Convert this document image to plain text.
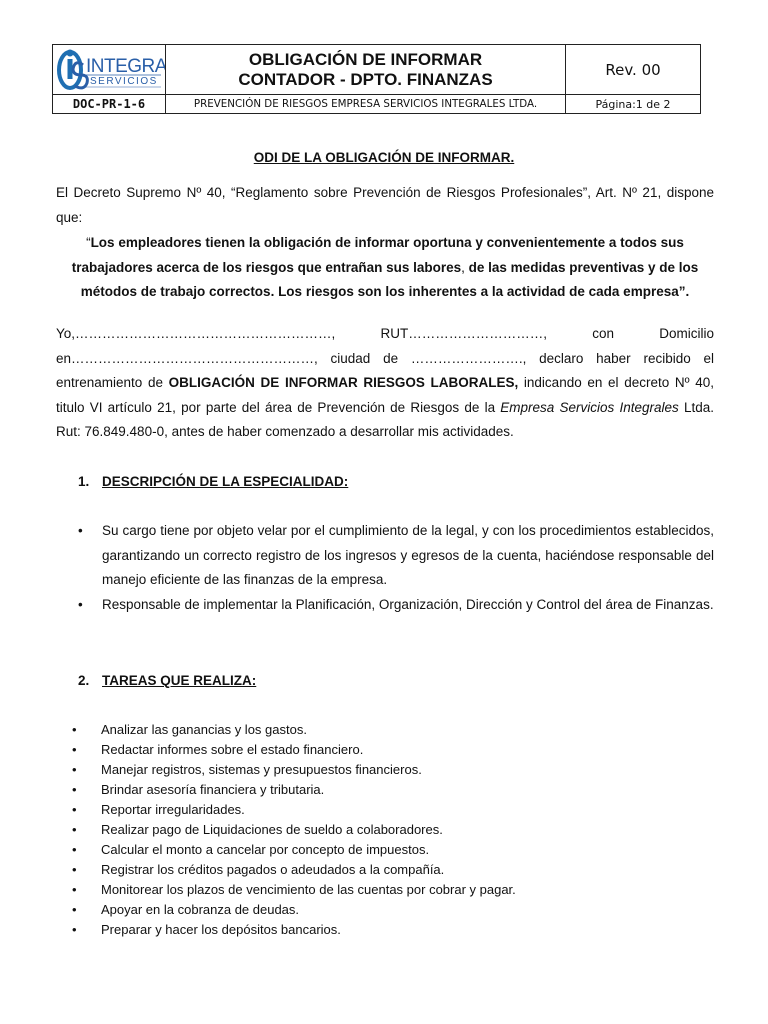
INTEGRA
SERVICIOS
OBLIGACIÓN DE INFORMAR
CONTADOR - DPTO. FINANZAS	Rev. 00
DOC-PR-1-6	PREVENCIÓN DE RIESGOS EMPRESA SERVICIOS INTEGRALES LTDA.	Página:1 de 2
ODI DE LA OBLIGACIÓN DE INFORMAR.
El Decreto Supremo Nº 40, “Reglamento sobre Prevención de Riesgos Profesionales”, Art. Nº 21, dispone que:
“Los empleadores tienen la obligación de informar oportuna y convenientemente a todos sus trabajadores acerca de los riesgos que entrañan sus labores, de las medidas preventivas y de los métodos de trabajo correctos. Los riesgos son los inherentes a la actividad de cada empresa”.
Yo,…………………………………………………,	RUT…………………………,	con	Domicilio
en………………………………………………, ciudad de ……………………., declaro haber recibido el entrenamiento de OBLIGACIÓN DE INFORMAR RIESGOS LABORALES, indicando en el decreto Nº 40, titulo VI artículo 21, por parte del área de Prevención de Riesgos de la Empresa Servicios Integrales Ltda. Rut: 76.849.480-0, antes de haber comenzado a desarrollar mis actividades.
1. DESCRIPCIÓN DE LA ESPECIALIDAD:
• Su cargo tiene por objeto velar por el cumplimiento de la legal, y con los procedimientos establecidos, garantizando un correcto registro de los ingresos y egresos de la cuenta, haciéndose responsable del manejo eficiente de las finanzas de la empresa.
• Responsable de implementar la Planificación, Organización, Dirección y Control del área de Finanzas.
2. TAREAS QUE REALIZA:
• Analizar las ganancias y los gastos.
• Redactar informes sobre el estado financiero.
• Manejar registros, sistemas y presupuestos financieros.
• Brindar asesoría financiera y tributaria.
• Reportar irregularidades.
• Realizar pago de Liquidaciones de sueldo a colaboradores.
• Calcular el monto a cancelar por concepto de impuestos.
• Registrar los créditos pagados o adeudados a la compañía.
• Monitorear los plazos de vencimiento de las cuentas por cobrar y pagar.
• Apoyar en la cobranza de deudas.
• Preparar y hacer los depósitos bancarios.
